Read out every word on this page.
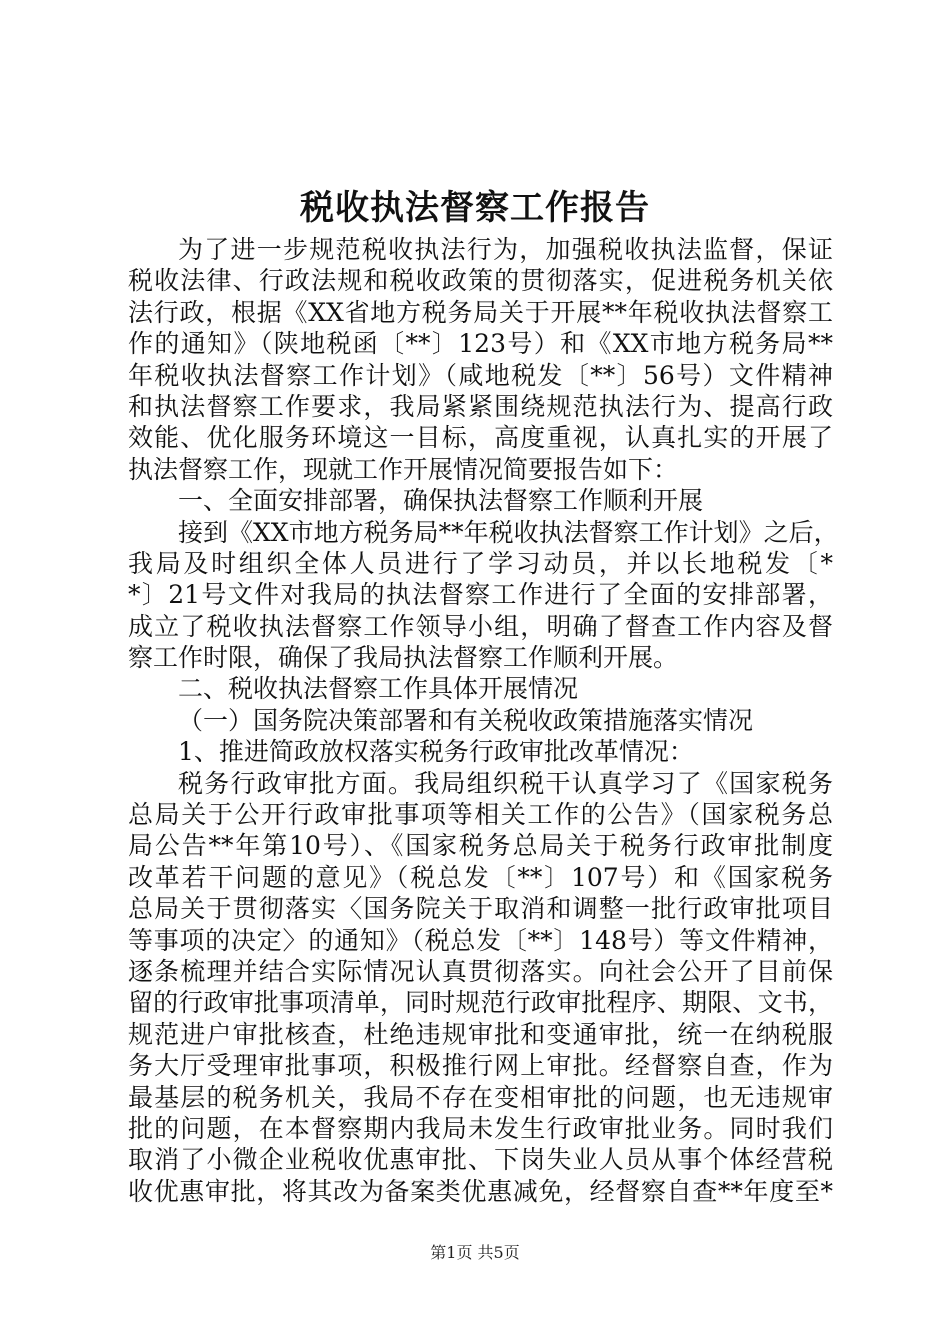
税收执法督察工作报告
为了进一步规范税收执法行为，加强税收执法监督，保证
税收法律、行政法规和税收政策的贯彻落实，促进税务机关依
法行政，根据《XX省地方税务局关于开展**年税收执法督察工
作的通知》（陕地税函〔**〕123号）和《XX市地方税务局**
年税收执法督察工作计划》（咸地税发〔**〕56号）文件精神
和执法督察工作要求，我局紧紧围绕规范执法行为、提高行政
效能、优化服务环境这一目标，高度重视，认真扎实的开展了
执法督察工作，现就工作开展情况简要报告如下：
一、全面安排部署，确保执法督察工作顺利开展
接到《XX市地方税务局**年税收执法督察工作计划》之后，
我局及时组织全体人员进行了学习动员，并以长地税发〔*
*〕21号文件对我局的执法督察工作进行了全面的安排部署，
成立了税收执法督察工作领导小组，明确了督查工作内容及督
察工作时限，确保了我局执法督察工作顺利开展。
二、税收执法督察工作具体开展情况
（一）国务院决策部署和有关税收政策措施落实情况
1、推进简政放权落实税务行政审批改革情况：
税务行政审批方面。我局组织税干认真学习了《国家税务
总局关于公开行政审批事项等相关工作的公告》（国家税务总
局公告**年第10号）、《国家税务总局关于税务行政审批制度
改革若干问题的意见》（税总发〔**〕107号）和《国家税务
总局关于贯彻落实〈国务院关于取消和调整一批行政审批项目
等事项的决定〉的通知》（税总发〔**〕148号）等文件精神，
逐条梳理并结合实际情况认真贯彻落实。向社会公开了目前保
留的行政审批事项清单，同时规范行政审批程序、期限、文书，
规范进户审批核查，杜绝违规审批和变通审批，统一在纳税服
务大厅受理审批事项，积极推行网上审批。经督察自查，作为
最基层的税务机关，我局不存在变相审批的问题，也无违规审
批的问题，在本督察期内我局未发生行政审批业务。同时我们
取消了小微企业税收优惠审批、下岗失业人员从事个体经营税
收优惠审批，将其改为备案类优惠减免，经督察自查**年度至*
第1页 共5页
